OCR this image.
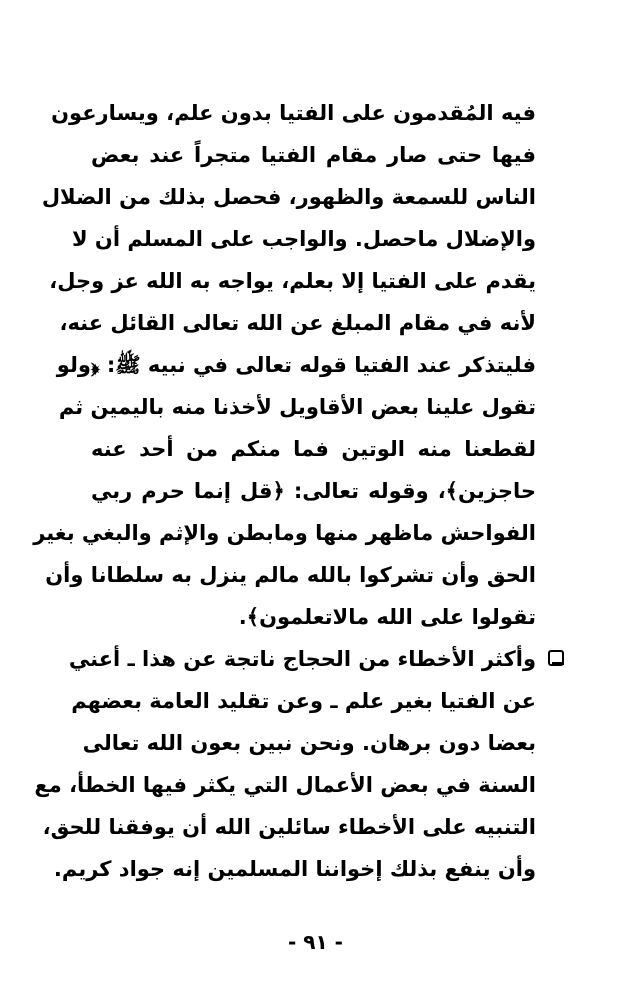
فيه المُقدمون على الفتيا بدون علم، ويسارعون
فيها حتى صار مقام الفتيا متجراً عند بعض
الناس للسمعة والظهور، فحصل بذلك من الضلال
والإضلال ماحصل. والواجب على المسلم أن لا
يقدم على الفتيا إلا بعلم، يواجه به الله عز وجل،
لأنه في مقام المبلغ عن الله تعالى القائل عنه،
فليتذكر عند الفتيا قوله تعالى في نبيه ﷺ: ﴿ولو
تقول علينا بعض الأقاويل لأخذنا منه باليمين ثم
لقطعنا منه الوتين فما منكم من أحد عنه
حاجزين﴾، وقوله تعالى: ﴿قل إنما حرم ربي
الفواحش ماظهر منها ومابطن والإثم والبغي بغير
الحق وأن تشركوا بالله مالم ينزل به سلطانا وأن
تقولوا على الله مالاتعلمون﴾.
وأكثر الأخطاء من الحجاج ناتجة عن هذا ـ أعني
عن الفتيا بغير علم ـ وعن تقليد العامة بعضهم
بعضا دون برهان. ونحن نبين بعون الله تعالى
السنة في بعض الأعمال التي يكثر فيها الخطأ، مع
التنبيه على الأخطاء سائلين الله أن يوفقنا للحق،
وأن ينفع بذلك إخواننا المسلمين إنه جواد كريم.
- ٩١ -
